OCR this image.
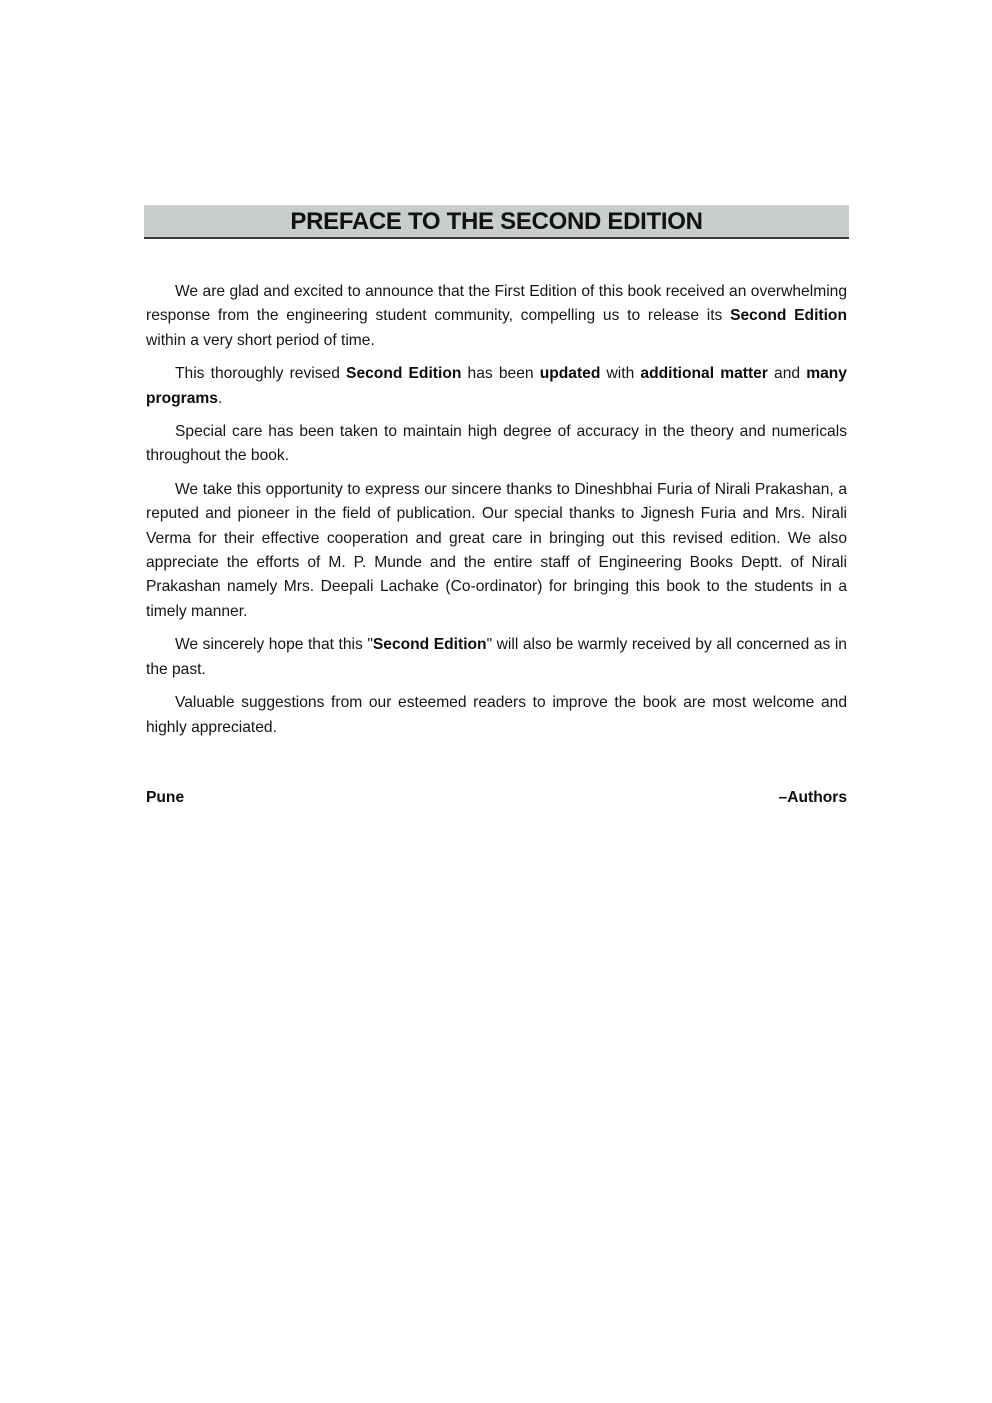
PREFACE TO THE SECOND EDITION

We are glad and excited to announce that the First Edition of this book received an overwhelming response from the engineering student community, compelling us to release its Second Edition within a very short period of time.

This thoroughly revised Second Edition has been updated with additional matter and many programs.

Special care has been taken to maintain high degree of accuracy in the theory and numericals throughout the book.

We take this opportunity to express our sincere thanks to Dineshbhai Furia of Nirali Prakashan, a reputed and pioneer in the field of publication. Our special thanks to Jignesh Furia and Mrs. Nirali Verma for their effective cooperation and great care in bringing out this revised edition. We also appreciate the efforts of M. P. Munde and the entire staff of Engineering Books Deptt. of Nirali Prakashan namely Mrs. Deepali Lachake (Co-ordinator) for bringing this book to the students in a timely manner.

We sincerely hope that this "Second Edition" will also be warmly received by all concerned as in the past.

Valuable suggestions from our esteemed readers to improve the book are most welcome and highly appreciated.

Pune	–Authors
